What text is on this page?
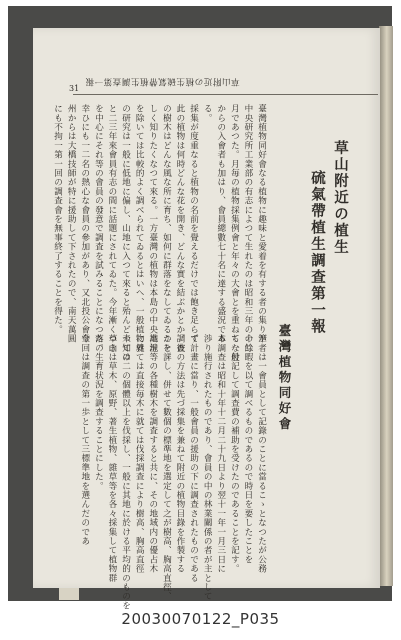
31
草山附近の植生硫氣帶植生調查第一報
草山附近の植生
硫氣帶植生調查第一報
臺灣植物同好會
筆者は一會員として記錄のことに當るこゝとなつたが公務
の餘暇を以て調べるものであるので時日を要したことを
ちな付記して調查費の補助を受けたのであることを記す。
本調查は昭和十年十二月二十九日より翌十一年一月三日に
渉り施行されたものであり、會員の中の林業關係の者が主として
て計畫に當り、一般會員の援助の下に調查されたものである
調查の方法は先づ採集を兼ねて附近の植物目錄を作製する
ことゝし、併せて數個の標準地を選定して之が樹高、胸高直徑、
地況等の各種樹木を調査すると共に、その地域内の優占木
に就ては直接毎木に就ては伐採調查により樹高、胸高直徑
つては二の個體以上を伐採し、一般に其地に於ける平均的のものを
つきは草木、原野、著生植物、雜草等を各々採集して植物群
落の生育状況を調查することにした。
今回は調查の第一歩として三標準地を選んだのであ
臺灣植物同好會なる植物に趣味と愛着を有する者の集りが
中央研究所工業部の有志によつて生れたのは昭和三年の十二
月であつた。月毎の植物採集例會と年々の大會とを重ねて一般
からの入會者も加はり、會員總數七十名に達する盛況であ
る。
採集が度重なると植物の名前を覺えるだけでは飽き足らず
此の植物は何時どんな花を開き、どんな實を結ぶかとか、彼
の樹木はどんな風な所に育ち、如何に群落をなしてゐるかを詳
しく知りたくなつて來る。一方臺灣の植物は本島の中央高地
を除いては比較的よく調べられてゐるとはいへ、一般植物界
の研究は一般に低地に偏し、山地に入つて來ると殆んど未知の
と二三年來會員有志の間に話題にされてゐた。今年漸く草山
を中心にそれ等の會員の發意で調査を試みることになつた。
幸ひにも一二名の熱心な會員の參加があり、又北投公會堂
州からは大橋技師が特に援助して下されたので、南天萬圓
にも不拘一第一回の調查會を無事終了することを得た。
20030070122_P035
